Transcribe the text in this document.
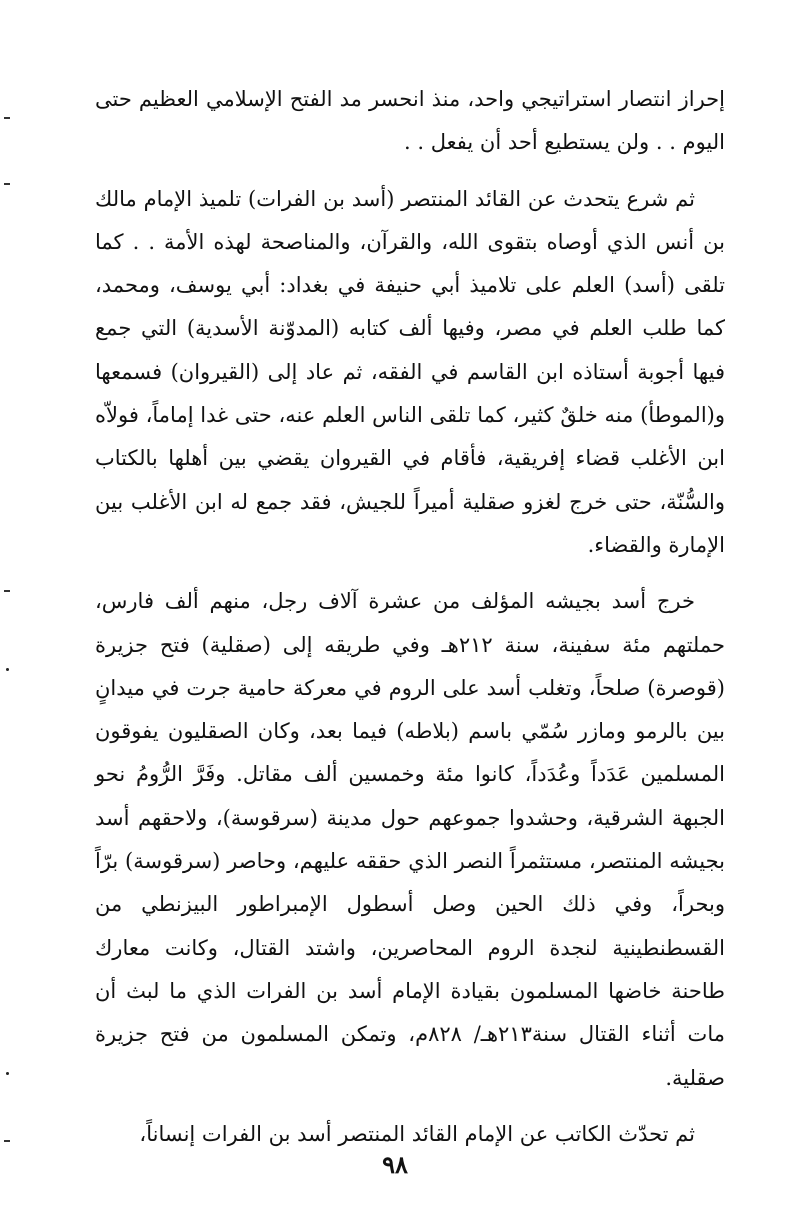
إحراز انتصار استراتيجي واحد، منذ انحسر مد الفتح الإسلامي العظيم حتى اليوم . . ولن يستطيع أحد أن يفعل . .

ثم شرع يتحدث عن القائد المنتصر (أسد بن الفرات) تلميذ الإمام مالك بن أنس الذي أوصاه بتقوى الله، والقرآن، والمناصحة لهذه الأمة . . كما تلقى (أسد) العلم على تلاميذ أبي حنيفة في بغداد: أبي يوسف، ومحمد، كما طلب العلم في مصر، وفيها ألف كتابه (المدوّنة الأسدية) التي جمع فيها أجوبة أستاذه ابن القاسم في الفقه، ثم عاد إلى (القيروان) فسمعها و(الموطأ) منه خلقٌ كثير، كما تلقى الناس العلم عنه، حتى غدا إماماً، فولاّه ابن الأغلب قضاء إفريقية، فأقام في القيروان يقضي بين أهلها بالكتاب والسُّنّة، حتى خرج لغزو صقلية أميراً للجيش، فقد جمع له ابن الأغلب بين الإمارة والقضاء.

خرج أسد بجيشه المؤلف من عشرة آلاف رجل، منهم ألف فارس، حملتهم مئة سفينة، سنة ٢١٢هـ وفي طريقه إلى (صقلية) فتح جزيرة (قوصرة) صلحاً، وتغلب أسد على الروم في معركة حامية جرت في ميدانٍ بين بالرمو ومازر سُمّي باسم (بلاطه) فيما بعد، وكان الصقليون يفوقون المسلمين عَدَداً وعُدَداً، كانوا مئة وخمسين ألف مقاتل. وفَرَّ الرُّومُ نحو الجبهة الشرقية، وحشدوا جموعهم حول مدينة (سرقوسة)، ولاحقهم أسد بجيشه المنتصر، مستثمراً النصر الذي حققه عليهم، وحاصر (سرقوسة) برّاً وبحراً، وفي ذلك الحين وصل أسطول الإمبراطور البيزنطي من القسطنطينية لنجدة الروم المحاصرين، واشتد القتال، وكانت معارك طاحنة خاضها المسلمون بقيادة الإمام أسد بن الفرات الذي ما لبث أن مات أثناء القتال سنة٢١٣هـ/ ٨٢٨م، وتمكن المسلمون من فتح جزيرة صقلية.

ثم تحدّث الكاتب عن الإمام القائد المنتصر أسد بن الفرات إنساناً،

٩٨
